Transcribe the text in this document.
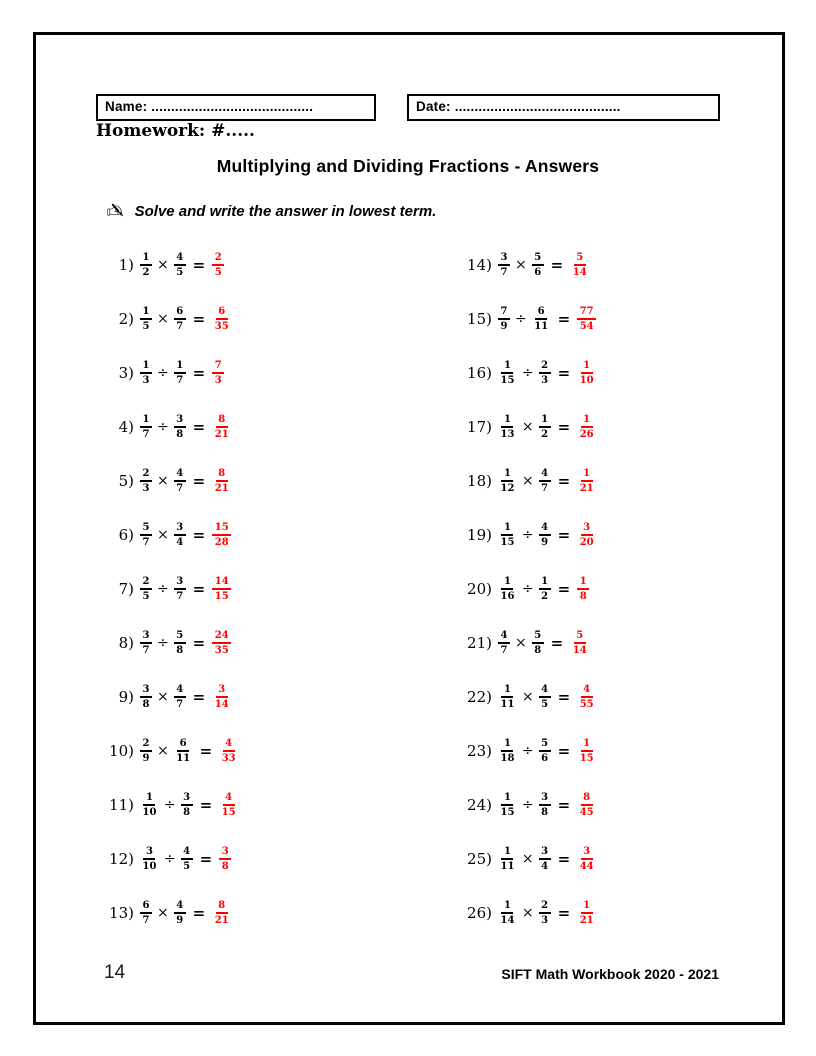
Name: .........................................	Date: ..........................................
Homework: #.....
Multiplying and Dividing Fractions - Answers
✍ Solve and write the answer in lowest term.
$1) \frac{1}{2} \times \frac{4}{5} = \frac{2}{5}$
$2) \frac{1}{5} \times \frac{6}{7} = \frac{6}{35}$
$3) \frac{1}{3} \div \frac{1}{7} = \frac{7}{3}$
$4) \frac{1}{7} \div \frac{3}{8} = \frac{8}{21}$
$5) \frac{2}{3} \times \frac{4}{7} = \frac{8}{21}$
$6) \frac{5}{7} \times \frac{3}{4} = \frac{15}{28}$
$7) \frac{2}{5} \div \frac{3}{7} = \frac{14}{15}$
$8) \frac{3}{7} \div \frac{5}{8} = \frac{24}{35}$
$9) \frac{3}{8} \times \frac{4}{7} = \frac{3}{14}$
$10) \frac{2}{9} \times \frac{6}{11} = \frac{4}{33}$
$11) \frac{1}{10} \div \frac{3}{8} = \frac{4}{15}$
$12) \frac{3}{10} \div \frac{4}{5} = \frac{3}{8}$
$13) \frac{6}{7} \times \frac{4}{9} = \frac{8}{21}$
$14) \frac{3}{7} \times \frac{5}{6} = \frac{5}{14}$
$15) \frac{7}{9} \div \frac{6}{11} = \frac{77}{54}$
$16) \frac{1}{15} \div \frac{2}{3} = \frac{1}{10}$
$17) \frac{1}{13} \times \frac{1}{2} = \frac{1}{26}$
$18) \frac{1}{12} \times \frac{4}{7} = \frac{1}{21}$
$19) \frac{1}{15} \div \frac{4}{9} = \frac{3}{20}$
$20) \frac{1}{16} \div \frac{1}{2} = \frac{1}{8}$
$21) \frac{4}{7} \times \frac{5}{8} = \frac{5}{14}$
$22) \frac{1}{11} \times \frac{4}{5} = \frac{4}{55}$
$23) \frac{1}{18} \div \frac{5}{6} = \frac{1}{15}$
$24) \frac{1}{15} \div \frac{3}{8} = \frac{8}{45}$
$25) \frac{1}{11} \times \frac{3}{4} = \frac{3}{44}$
$26) \frac{1}{14} \times \frac{2}{3} = \frac{1}{21}$
14	SIFT Math Workbook 2020 - 2021
